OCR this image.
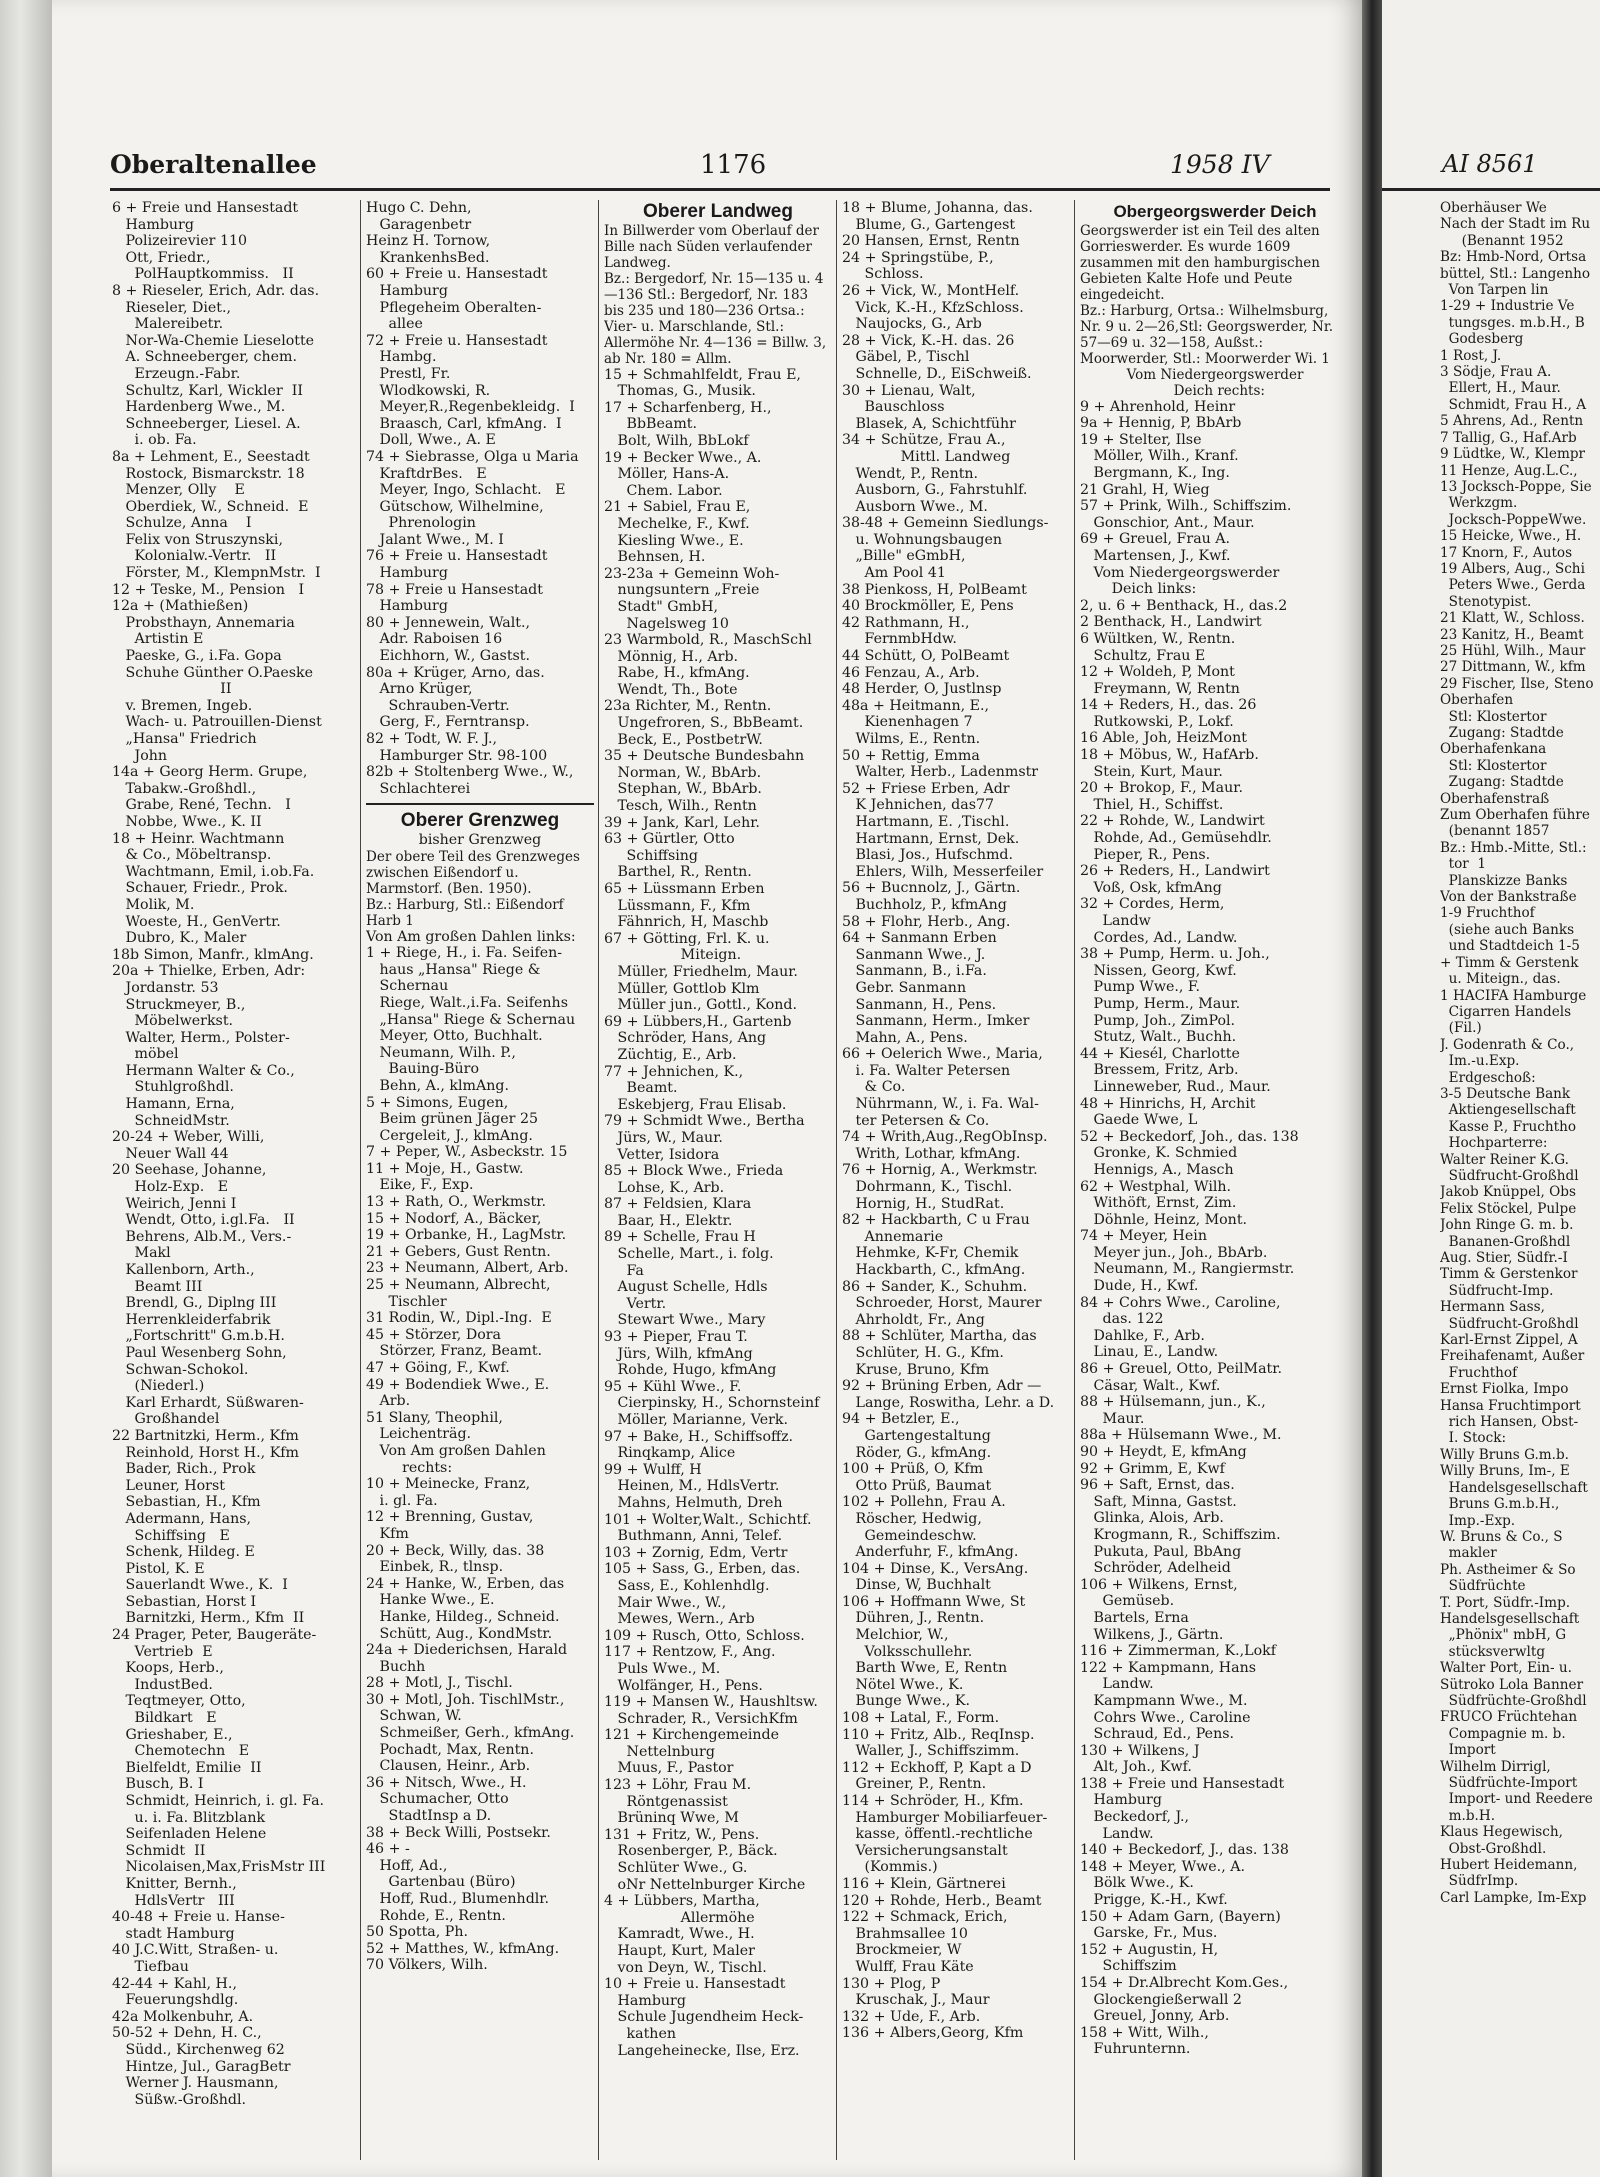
Oberaltenallee	1176	1958 IV
6 + Freie und Hansestadt
Hamburg
Polizeirevier 110
Ott, Friedr.,
PolHauptkommiss.   II
8 + Rieseler, Erich, Adr. das.
Rieseler, Diet.,
Malereibetr.
Nor-Wa-Chemie Lieselotte
A. Schneeberger, chem.
Erzeugn.-Fabr.
Schultz, Karl, Wickler  II
Hardenberg Wwe., M.
Schneeberger, Liesel. A.
i. ob. Fa.
8a + Lehment, E., Seestadt
Rostock, Bismarckstr. 18
Menzer, Olly    E
Oberdiek, W., Schneid.  E
Schulze, Anna    I
Felix von Struszynski,
Kolonialw.-Vertr.   II
Förster, M., KlempnMstr.  I
12 + Teske, M., Pension   I
12a + (Mathießen)
Probsthayn, Annemaria
Artistin E
Paeske, G., i.Fa. Gopa
Schuhe Günther O.Paeske
II
v. Bremen, Ingeb.
Wach- u. Patrouillen-Dienst
„Hansa" Friedrich
John
14a + Georg Herm. Grupe,
Tabakw.-Großhdl.,
Grabe, René, Techn.   I
Nobbe, Wwe., K. II
18 + Heinr. Wachtmann
& Co., Möbeltransp.
Wachtmann, Emil, i.ob.Fa.
Schauer, Friedr., Prok.
Molik, M.
Woeste, H., GenVertr.
Dubro, K., Maler
18b Simon, Manfr., klmAng.
20a + Thielke, Erben, Adr:
Jordanstr. 53
Struckmeyer, B.,
Möbelwerkst.
Walter, Herm., Polster-
möbel
Hermann Walter & Co.,
Stuhlgroßhdl.
Hamann, Erna,
SchneidMstr.
20-24 + Weber, Willi,
Neuer Wall 44
20 Seehase, Johanne,
Holz-Exp.   E
Weirich, Jenni I
Wendt, Otto, i.gl.Fa.   II
Behrens, Alb.M., Vers.-
Makl
Kallenborn, Arth.,
Beamt III
Brendl, G., Diplng III
Herrenkleiderfabrik
„Fortschritt" G.m.b.H.
Paul Wesenberg Sohn,
Schwan-Schokol.
(Niederl.)
Karl Erhardt, Süßwaren-
Großhandel
22 Bartnitzki, Herm., Kfm
Reinhold, Horst H., Kfm
Bader, Rich., Prok
Leuner, Horst
Sebastian, H., Kfm
Adermann, Hans,
Schiffsing   E
Schenk, Hildeg. E
Pistol, K. E
Sauerlandt Wwe., K.  I
Sebastian, Horst I
Barnitzki, Herm., Kfm  II
24 Prager, Peter, Baugeräte-
Vertrieb  E
Koops, Herb.,
IndustBed.
Teqtmeyer, Otto,
Bildkart   E
Grieshaber, E.,
Chemotechn   E
Bielfeldt, Emilie  II
Busch, B. I
Schmidt, Heinrich, i. gl. Fa.
u. i. Fa. Blitzblank
Seifenladen Helene
Schmidt  II
Nicolaisen,Max,FrisMstr III
Knitter, Bernh.,
HdlsVertr   III
40-48 + Freie u. Hanse-
stadt Hamburg
40 J.C.Witt, Straßen- u.
Tiefbau
42-44 + Kahl, H.,
Feuerungshdlg.
42a Molkenbuhr, A.
50-52 + Dehn, H. C.,
Südd., Kirchenweg 62
Hintze, Jul., GaragBetr
Werner J. Hausmann,
Süßw.-Großhdl.
Hugo C. Dehn,
Garagenbetr
Heinz H. Tornow,
KrankenhsBed.
60 + Freie u. Hansestadt
Hamburg
Pflegeheim Oberalten-
allee
72 + Freie u. Hansestadt
Hambg.
Prestl, Fr.
Wlodkowski, R.
Meyer,R.,Regenbekleidg.  I
Braasch, Carl, kfmAng.  I
Doll, Wwe., A. E
74 + Siebrasse, Olga u Maria
KraftdrBes.   E
Meyer, Ingo, Schlacht.   E
Gütschow, Wilhelmine,
Phrenologin
Jalant Wwe., M. I
76 + Freie u. Hansestadt
Hamburg
78 + Freie u Hansestadt
Hamburg
80 + Jennewein, Walt.,
Adr. Raboisen 16
Eichhorn, W., Gastst.
80a + Krüger, Arno, das.
Arno Krüger,
Schrauben-Vertr.
Gerg, F., Ferntransp.
82 + Todt, W. F. J.,
Hamburger Str. 98-100
82b + Stoltenberg Wwe., W.,
Schlachterei
Oberer Grenzweg
bisher Grenzweg
Der obere Teil des Grenzweges zwischen Eißendorf u. Marmstorf. (Ben. 1950).
Bz.: Harburg, Stl.: Eißendorf Harb 1
Von Am großen Dahlen links:
1 + Riege, H., i. Fa. Seifen-
haus „Hansa" Riege &
Schernau
Riege, Walt.,i.Fa. Seifenhs
„Hansa" Riege & Schernau
Meyer, Otto, Buchhalt.
Neumann, Wilh. P.,
Bauing-Büro
Behn, A., klmAng.
5 + Simons, Eugen,
Beim grünen Jäger 25
Cergeleit, J., klmAng.
7 + Peper, W., Asbeckstr. 15
11 + Moje, H., Gastw.
Eike, F., Exp.
13 + Rath, O., Werkmstr.
15 + Nodorf, A., Bäcker,
19 + Orbanke, H., LagMstr.
21 + Gebers, Gust Rentn.
23 + Neumann, Albert, Arb.
25 + Neumann, Albrecht,
Tischler
31 Rodin, W., Dipl.-Ing.  E
45 + Störzer, Dora
Störzer, Franz, Beamt.
47 + Göing, F., Kwf.
49 + Bodendiek Wwe., E.
Arb.
51 Slany, Theophil,
Leichenträg.
Von Am großen Dahlen
rechts:
10 + Meinecke, Franz,
i. gl. Fa.
12 + Brenning, Gustav,
Kfm
20 + Beck, Willy, das. 38
Einbek, R., tlnsp.
24 + Hanke, W., Erben, das
Hanke Wwe., E.
Hanke, Hildeg., Schneid.
Schütt, Aug., KondMstr.
24a + Diederichsen, Harald
Buchh
28 + Motl, J., Tischl.
30 + Motl, Joh. TischlMstr.,
Schwan, W.
Schmeißer, Gerh., kfmAng.
Pochadt, Max, Rentn.
Clausen, Heinr., Arb.
36 + Nitsch, Wwe., H.
Schumacher, Otto
StadtInsp a D.
38 + Beck Willi, Postsekr.
46 + -
Hoff, Ad.,
Gartenbau (Büro)
Hoff, Rud., Blumenhdlr.
Rohde, E., Rentn.
50 Spotta, Ph.
52 + Matthes, W., kfmAng.
70 Völkers, Wilh.
Oberer Landweg
In Billwerder vom Oberlauf der Bille nach Süden verlaufender Landweg.
Bz.: Bergedorf, Nr. 15—135 u. 4—136 Stl.: Bergedorf, Nr. 183 bis 235 und 180—236 Ortsa.: Vier- u. Marschlande, Stl.: Allermöhe Nr. 4—136 = Billw. 3, ab Nr. 180 = Allm.
15 + Schmahlfeldt, Frau E,
Thomas, G., Musik.
17 + Scharfenberg, H.,
BbBeamt.
Bolt, Wilh, BbLokf
19 + Becker Wwe., A.
Möller, Hans-A.
Chem. Labor.
21 + Sabiel, Frau E,
Mechelke, F., Kwf.
Kiesling Wwe., E.
Behnsen, H.
23-23a + Gemeinn Woh-
nungsuntern „Freie
Stadt" GmbH,
Nagelsweg 10
23 Warmbold, R., MaschSchl
Mönnig, H., Arb.
Rabe, H., kfmAng.
Wendt, Th., Bote
23a Richter, M., Rentn.
Ungefroren, S., BbBeamt.
Beck, E., PostbetrW.
35 + Deutsche Bundesbahn
Norman, W., BbArb.
Stephan, W., BbArb.
Tesch, Wilh., Rentn
39 + Jank, Karl, Lehr.
63 + Gürtler, Otto
Schiffsing
Barthel, R., Rentn.
65 + Lüssmann Erben
Lüssmann, F., Kfm
Fähnrich, H, Maschb
67 + Götting, Frl. K. u.
Miteign.
Müller, Friedhelm, Maur.
Müller, Gottlob Klm
Müller jun., Gottl., Kond.
69 + Lübbers,H., Gartenb
Schröder, Hans, Ang
Züchtig, E., Arb.
77 + Jehnichen, K.,
Beamt.
Eskebjerg, Frau Elisab.
79 + Schmidt Wwe., Bertha
Jürs, W., Maur.
Vetter, Isidora
85 + Block Wwe., Frieda
Lohse, K., Arb.
87 + Feldsien, Klara
Baar, H., Elektr.
89 + Schelle, Frau H
Schelle, Mart., i. folg.
Fa
August Schelle, Hdls
Vertr.
Stewart Wwe., Mary
93 + Pieper, Frau T.
Jürs, Wilh, kfmAng
Rohde, Hugo, kfmAng
95 + Kühl Wwe., F.
Cierpinsky, H., Schornsteinf
Möller, Marianne, Verk.
97 + Bake, H., Schiffsoffz.
Rinqkamp, Alice
99 + Wulff, H
Heinen, M., HdlsVertr.
Mahns, Helmuth, Dreh
101 + Wolter,Walt., Schichtf.
Buthmann, Anni, Telef.
103 + Zornig, Edm, Vertr
105 + Sass, G., Erben, das.
Sass, E., Kohlenhdlg.
Mair Wwe., W.,
Mewes, Wern., Arb
109 + Rusch, Otto, Schloss.
117 + Rentzow, F., Ang.
Puls Wwe., M.
Wolfänger, H., Pens.
119 + Mansen W., Haushltsw.
Schrader, R., VersichKfm
121 + Kirchengemeinde
Nettelnburg
Muus, F., Pastor
123 + Löhr, Frau M.
Röntgenassist
Brüninq Wwe, M
131 + Fritz, W., Pens.
Rosenberger, P., Bäck.
Schlüter Wwe., G.
oNr Nettelnburger Kirche
4 + Lübbers, Martha,
Allermöhe
Kamradt, Wwe., H.
Haupt, Kurt, Maler
von Deyn, W., Tischl.
10 + Freie u. Hansestadt
Hamburg
Schule Jugendheim Heck-
kathen
Langeheinecke, Ilse, Erz.
18 + Blume, Johanna, das.
Blume, G., Gartengest
20 Hansen, Ernst, Rentn
24 + Springstübe, P.,
Schloss.
26 + Vick, W., MontHelf.
Vick, K.-H., KfzSchloss.
Naujocks, G., Arb
28 + Vick, K.-H. das. 26
Gäbel, P., Tischl
Schnelle, D., EiSchweiß.
30 + Lienau, Walt,
Bauschloss
Blasek, A, Schichtführ
34 + Schütze, Frau A.,
Mittl. Landweg
Wendt, P., Rentn.
Ausborn, G., Fahrstuhlf.
Ausborn Wwe., M.
38-48 + Gemeinn Siedlungs-
u. Wohnungsbaugen
„Bille" eGmbH,
Am Pool 41
38 Pienkoss, H, PolBeamt
40 Brockmöller, E, Pens
42 Rathmann, H.,
FernmbHdw.
44 Schütt, O, PolBeamt
46 Fenzau, A., Arb.
48 Herder, O, Justlnsp
48a + Heitmann, E.,
Kienenhagen 7
Wilms, E., Rentn.
50 + Rettig, Emma
Walter, Herb., Ladenmstr
52 + Friese Erben, Adr
K Jehnichen, das77
Hartmann, E. ,Tischl.
Hartmann, Ernst, Dek.
Blasi, Jos., Hufschmd.
Ehlers, Wilh, Messerfeiler
56 + Bucnnolz, J., Gärtn.
Buchholz, P., kfmAng
58 + Flohr, Herb., Ang.
64 + Sanmann Erben
Sanmann Wwe., J.
Sanmann, B., i.Fa.
Gebr. Sanmann
Sanmann, H., Pens.
Sanmann, Herm., Imker
Mahn, A., Pens.
66 + Oelerich Wwe., Maria,
i. Fa. Walter Petersen
& Co.
Nührmann, W., i. Fa. Wal-
ter Petersen & Co.
74 + Writh,Aug.,RegObInsp.
Writh, Lothar, kfmAng.
76 + Hornig, A., Werkmstr.
Dohrmann, K., Tischl.
Hornig, H., StudRat.
82 + Hackbarth, C u Frau
Annemarie
Hehmke, K-Fr, Chemik
Hackbarth, C., kfmAng.
86 + Sander, K., Schuhm.
Schroeder, Horst, Maurer
Ahrholdt, Fr., Ang
88 + Schlüter, Martha, das
Schlüter, H. G., Kfm.
Kruse, Bruno, Kfm
92 + Brüning Erben, Adr —
Lange, Roswitha, Lehr. a D.
94 + Betzler, E.,
Gartengestaltung
Röder, G., kfmAng.
100 + Prüß, O, Kfm
Otto Prüß, Baumat
102 + Pollehn, Frau A.
Röscher, Hedwig,
Gemeindeschw.
Anderfuhr, F., kfmAng.
104 + Dinse, K., VersAng.
Dinse, W, Buchhalt
106 + Hoffmann Wwe, St
Dühren, J., Rentn.
Melchior, W.,
Volksschullehr.
Barth Wwe, E, Rentn
Nötel Wwe., K.
Bunge Wwe., K.
108 + Latal, F., Form.
110 + Fritz, Alb., ReqInsp.
Waller, J., Schiffszimm.
112 + Eckhoff, P, Kapt a D
Greiner, P., Rentn.
114 + Schröder, H., Kfm.
Hamburger Mobiliarfeuer-
kasse, öffentl.-rechtliche
Versicherungsanstalt
(Kommis.)
116 + Klein, Gärtnerei
120 + Rohde, Herb., Beamt
122 + Schmack, Erich,
Brahmsallee 10
Brockmeier, W
Wulff, Frau Käte
130 + Plog, P
Kruschak, J., Maur
132 + Ude, F., Arb.
136 + Albers,Georg, Kfm
Obergeorgswerder Deich
Georgswerder ist ein Teil des alten Gorrieswerder. Es wurde 1609 zusammen mit den hamburgischen Gebieten Kalte Hofe und Peute eingedeicht.
Bz.: Harburg, Ortsa.: Wilhelmsburg, Nr. 9 u. 2—26,Stl: Georgswerder, Nr. 57—69 u. 32—158, Außst.: Moorwerder, Stl.: Moorwerder Wi. 1
Vom Niedergeorgswerder
Deich rechts:
9 + Ahrenhold, Heinr
9a + Hennig, P, BbArb
19 + Stelter, Ilse
Möller, Wilh., Kranf.
Bergmann, K., Ing.
21 Grahl, H, Wieg
57 + Prink, Wilh., Schiffszim.
Gonschior, Ant., Maur.
69 + Greuel, Frau A.
Martensen, J., Kwf.
Vom Niedergeorgswerder
Deich links:
2, u. 6 + Benthack, H., das.2
2 Benthack, H., Landwirt
6 Wültken, W., Rentn.
Schultz, Frau E
12 + Woldeh, P, Mont
Freymann, W, Rentn
14 + Reders, H., das. 26
Rutkowski, P., Lokf.
16 Able, Joh, HeizMont
18 + Möbus, W., HafArb.
Stein, Kurt, Maur.
20 + Brokop, F., Maur.
Thiel, H., Schiffst.
22 + Rohde, W., Landwirt
Rohde, Ad., Gemüsehdlr.
Pieper, R., Pens.
26 + Reders, H., Landwirt
Voß, Osk, kfmAng
32 + Cordes, Herm,
Landw
Cordes, Ad., Landw.
38 + Pump, Herm. u. Joh.,
Nissen, Georg, Kwf.
Pump Wwe., F.
Pump, Herm., Maur.
Pump, Joh., ZimPol.
Stutz, Walt., Buchh.
44 + Kiesél, Charlotte
Bressem, Fritz, Arb.
Linneweber, Rud., Maur.
48 + Hinrichs, H, Archit
Gaede Wwe, L
52 + Beckedorf, Joh., das. 138
Gronke, K. Schmied
Hennigs, A., Masch
62 + Westphal, Wilh.
Withöft, Ernst, Zim.
Döhnle, Heinz, Mont.
74 + Meyer, Hein
Meyer jun., Joh., BbArb.
Neumann, M., Rangiermstr.
Dude, H., Kwf.
84 + Cohrs Wwe., Caroline,
das. 122
Dahlke, F., Arb.
Linau, E., Landw.
86 + Greuel, Otto, PeilMatr.
Cäsar, Walt., Kwf.
88 + Hülsemann, jun., K.,
Maur.
88a + Hülsemann Wwe., M.
90 + Heydt, E, kfmAng
92 + Grimm, E, Kwf
96 + Saft, Ernst, das.
Saft, Minna, Gastst.
Glinka, Alois, Arb.
Krogmann, R., Schiffszim.
Pukuta, Paul, BbAng
Schröder, Adelheid
106 + Wilkens, Ernst,
Gemüseb.
Bartels, Erna
Wilkens, J., Gärtn.
116 + Zimmerman, K.,Lokf
122 + Kampmann, Hans
Landw.
Kampmann Wwe., M.
Cohrs Wwe., Caroline
Schraud, Ed., Pens.
130 + Wilkens, J
Alt, Joh., Kwf.
138 + Freie und Hansestadt
Hamburg
Beckedorf, J.,
Landw.
140 + Beckedorf, J., das. 138
148 + Meyer, Wwe., A.
Bölk Wwe., K.
Prigge, K.-H., Kwf.
150 + Adam Garn, (Bayern)
Garske, Fr., Mus.
152 + Augustin, H,
Schiffszim
154 + Dr.Albrecht Kom.Ges.,
Glockengießerwall 2
Greuel, Jonny, Arb.
158 + Witt, Wilh.,
Fuhrunternn.
AI 8561
Oberhäuser We
Nach der Stadt im Ru
(Benannt 1952
Bz: Hmb-Nord, Ortsa
büttel, Stl.: Langenho
Von Tarpen lin
1-29 + Industrie Ve
tungsges. m.b.H., B
Godesberg
1 Rost, J.
3 Södje, Frau A.
Ellert, H., Maur.
Schmidt, Frau H., A
5 Ahrens, Ad., Rentn
7 Tallig, G., Haf.Arb
9 Lüdtke, W., Klempr
11 Henze, Aug.L.C.,
13 Jocksch-Poppe, Sie
Werkzgm.
Jocksch-PoppeWwe.
15 Heicke, Wwe., H.
17 Knorn, F., Autos
19 Albers, Aug., Schi
Peters Wwe., Gerda
Stenotypist.
21 Klatt, W., Schloss.
23 Kanitz, H., Beamt
25 Hühl, Wilh., Maur
27 Dittmann, W., kfm
29 Fischer, Ilse, Steno
Oberhafen
Stl: Klostertor
Zugang: Stadtde
Oberhafenkana
Stl: Klostertor
Zugang: Stadtde
Oberhafenstraß
Zum Oberhafen führe
(benannt 1857
Bz.: Hmb.-Mitte, Stl.:
tor  1
Planskizze Banks
Von der Bankstraße
1-9 Fruchthof
(siehe auch Banks
und Stadtdeich 1-5
+ Timm & Gerstenk
u. Miteign., das.
1 HACIFA Hamburge
Cigarren Handels
(Fil.)
J. Godenrath & Co.,
Im.-u.Exp.
Erdgeschoß:
3-5 Deutsche Bank
Aktiengesellschaft
Kasse P., Fruchtho
Hochparterre:
Walter Reiner K.G.
Südfrucht-Großhdl
Jakob Knüppel, Obs
Felix Stöckel, Pulpe
John Ringe G. m. b.
Bananen-Großhdl
Aug. Stier, Südfr.-I
Timm & Gerstenkor
Südfrucht-Imp.
Hermann Sass,
Südfrucht-Großhdl
Karl-Ernst Zippel, A
Freihafenamt, Außer
Fruchthof
Ernst Fiolka, Impo
Hansa Fruchtimport
rich Hansen, Obst-
I. Stock:
Willy Bruns G.m.b.
Willy Bruns, Im-, E
Handelsgesellschaft
Bruns G.m.b.H.,
Imp.-Exp.
W. Bruns & Co., S
makler
Ph. Astheimer & So
Südfrüchte
T. Port, Südfr.-Imp.
Handelsgesellschaft
„Phönix" mbH, G
stücksverwltg
Walter Port, Ein- u.
Sütroko Lola Banner
Südfrüchte-Großhdl
FRUCO Früchtehan
Compagnie m. b.
Import
Wilhelm Dirrigl,
Südfrüchte-Import
Import- und Reedere
m.b.H.
Klaus Hegewisch,
Obst-Großhdl.
Hubert Heidemann,
SüdfrImp.
Carl Lampke, Im-Exp
